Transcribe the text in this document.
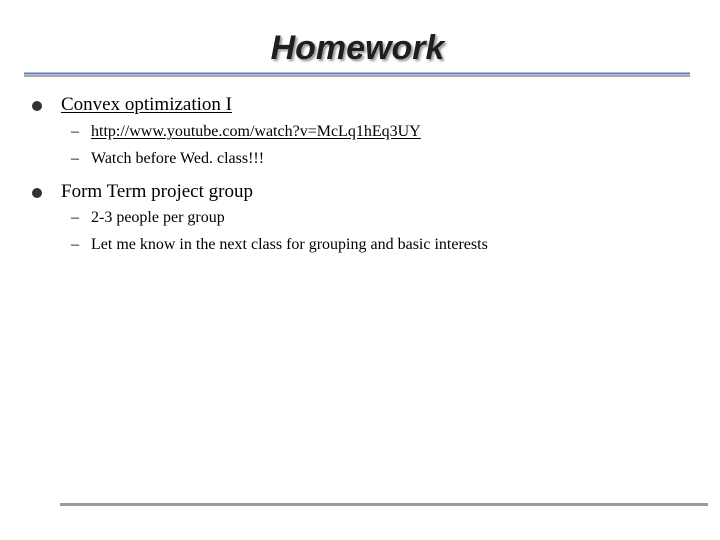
Homework
Convex optimization I
– http://www.youtube.com/watch?v=McLq1hEq3UY
– Watch before Wed. class!!!
Form Term project group
– 2-3 people per group
– Let me know in the next class for grouping and basic interests
